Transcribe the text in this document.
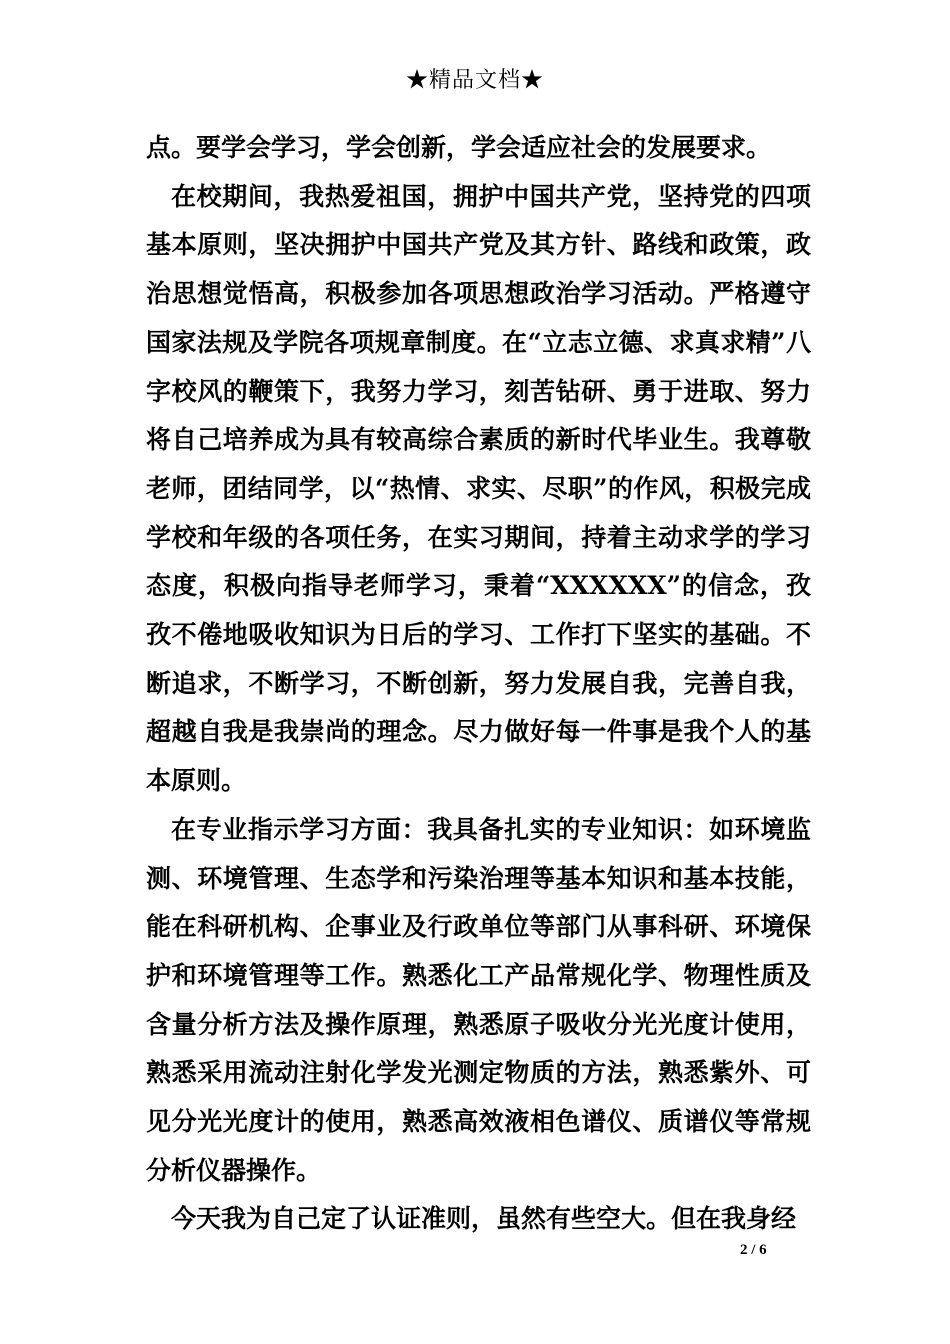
★精品文档★

点。要学会学习，学会创新，学会适应社会的发展要求。

在校期间，我热爱祖国，拥护中国共产党，坚持党的四项基本原则，坚决拥护中国共产党及其方针、路线和政策，政治思想觉悟高，积极参加各项思想政治学习活动。严格遵守国家法规及学院各项规章制度。在“立志立德、求真求精”八字校风的鞭策下，我努力学习，刻苦钻研、勇于进取、努力将自己培养成为具有较高综合素质的新时代毕业生。我尊敬老师，团结同学，以“热情、求实、尽职”的作风，积极完成学校和年级的各项任务，在实习期间，持着主动求学的学习态度，积极向指导老师学习，秉着“XXXXXX”的信念，孜孜不倦地吸收知识为日后的学习、工作打下坚实的基础。不断追求，不断学习，不断创新，努力发展自我，完善自我，超越自我是我崇尚的理念。尽力做好每一件事是我个人的基本原则。

在专业指示学习方面：我具备扎实的专业知识：如环境监测、环境管理、生态学和污染治理等基本知识和基本技能，能在科研机构、企事业及行政单位等部门从事科研、环境保护和环境管理等工作。熟悉化工产品常规化学、物理性质及含量分析方法及操作原理，熟悉原子吸收分光光度计使用，熟悉采用流动注射化学发光测定物质的方法，熟悉紫外、可见分光光度计的使用，熟悉高效液相色谱仪、质谱仪等常规分析仪器操作。

今天我为自己定了认证准则，虽然有些空大。但在我身经

2 / 6
